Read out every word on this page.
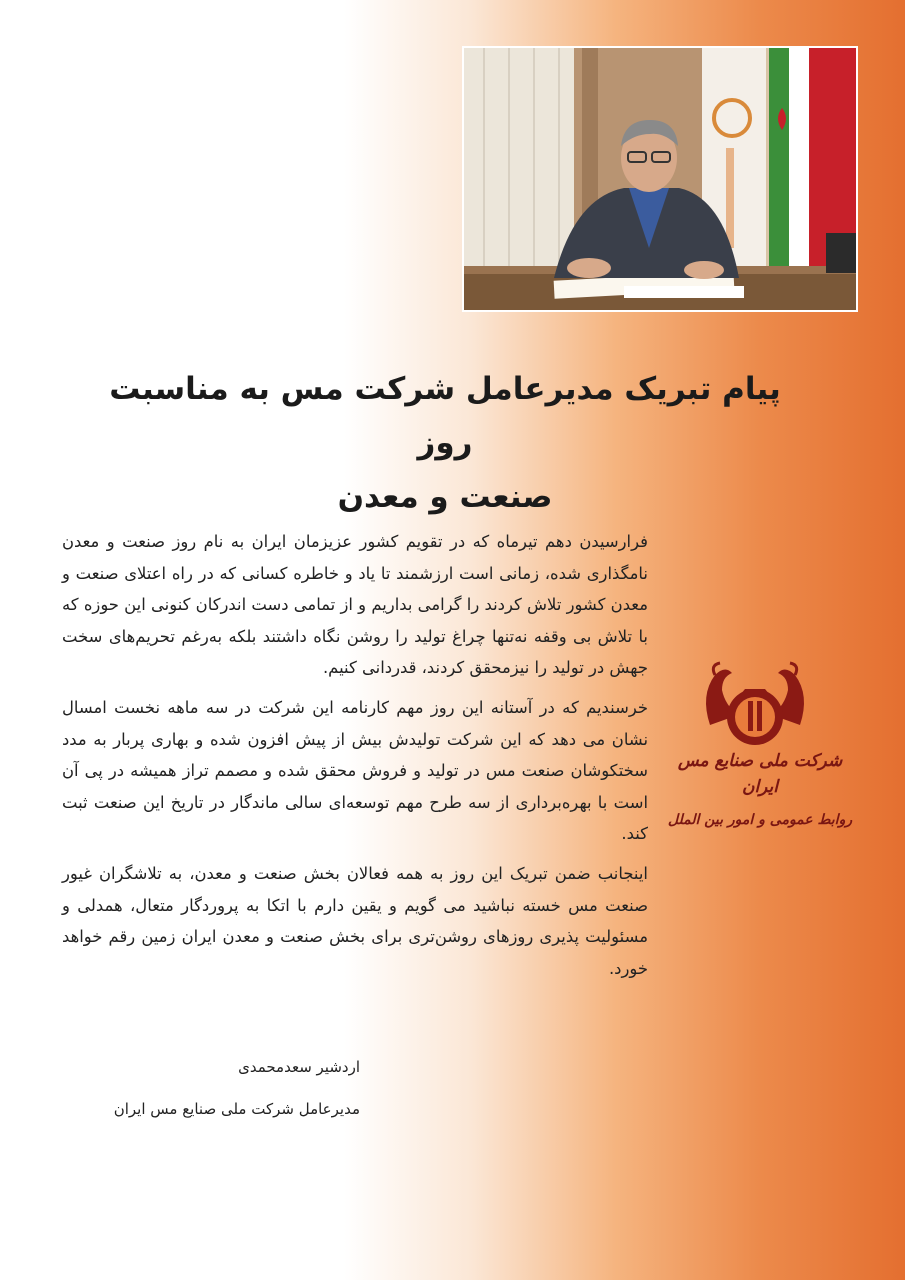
پیام تبریک مدیرعامل شرکت مس به مناسبت روز
صنعت و معدن

فرارسیدن دهم تیرماه که در تقویم کشور عزیزمان ایران به نام روز صنعت و معدن نامگذاری شده، زمانی است ارزشمند تا یاد و خاطره کسانی که در راه اعتلای صنعت و معدن کشور تلاش کردند را گرامی بداریم و از تمامی دست اندرکان کنونی این حوزه که با تلاش بی وقفه نه‌تنها چراغ تولید را روشن نگاه داشتند بلکه به‌رغم تحریم‌های سخت جهش در تولید را نیزمحقق کردند، قدردانی کنیم.

خرسندیم که در آستانه این روز مهم کارنامه این شرکت در سه ماهه نخست امسال نشان می دهد که این شرکت تولیدش بیش از پیش افزون شده و بهاری پربار به مدد سختکوشان صنعت مس در تولید و فروش محقق شده و مصمم تراز همیشه در پی آن است با بهره‌برداری از سه طرح مهم توسعه‌ای سالی ماندگار در تاریخ این صنعت ثبت کند.

اینجانب ضمن تبریک این روز به همه فعالان بخش صنعت و معدن، به تلاشگران غیور صنعت مس خسته نباشید می گویم و یقین دارم با اتکا به پروردگار متعال، همدلی و مسئولیت پذیری روزهای روشن‌تری برای بخش صنعت و معدن ایران زمین رقم خواهد خورد.

اردشیر سعدمحمدی
مدیرعامل شرکت ملی صنایع مس ایران
شرکت ملی صنایع مس ایران
روابط عمومی و امور بین الملل
